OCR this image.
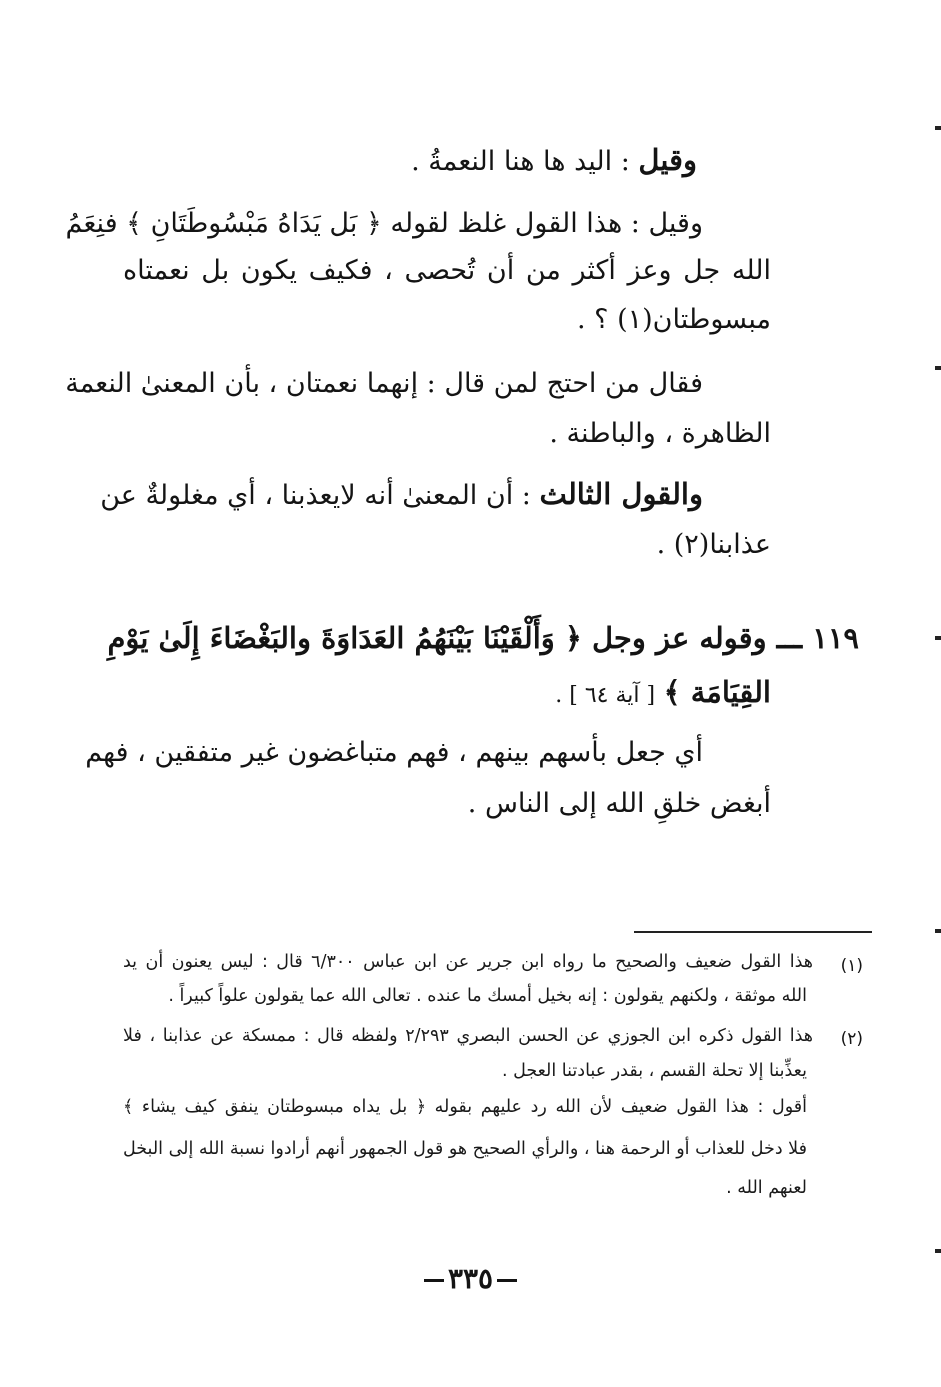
وقيل : اليد ها هنا النعمةُ .
وقيل : هذا القول غلظ لقوله ﴿ بَل يَدَاهُ مَبْسُوطَتَانِ ﴾ فنِعَمُ
الله جل وعز أكثر من أن تُحصى ، فكيف يكون بل نعمتاه
مبسوطتان(١) ؟ .
فقال من احتج لمن قال : إنهما نعمتان ، بأن المعنىٰ النعمة
الظاهرة ، والباطنة .
والقول الثالث : أن المعنىٰ أنه لايعذبنا ، أي مغلولةٌ عن
عذابنا(٢) .
١١٩ ـــ وقوله عز وجل ﴿ وَأَلْقَيْنَا بَيْنَهُمُ العَدَاوَةَ والبَغْضَاءَ إِلَىٰ يَوْمِ
القِيَامَة ﴾ [ آية ٦٤ ] .
أي جعل بأسهم بينهم ، فهم متباغضون غير متفقين ، فهم
أبغض خلقِ الله إلى الناس .
(١)
هذا القول ضعيف والصحيح ما رواه ابن جرير عن ابن عباس ٦/٣٠٠ قال : ليس يعنون أن يد
الله موثقة ، ولكنهم يقولون : إنه بخيل أمسك ما عنده . تعالى الله عما يقولون علواً كبيراً .
(٢)
هذا القول ذكره ابن الجوزي عن الحسن البصري ٢/٢٩٣ ولفظه قال : ممسكة عن عذابنا ، فلا
يعذِّبنا إلا تحلة القسم ، بقدر عبادتنا العجل .
أقول : هذا القول ضعيف لأن الله رد عليهم بقوله ﴿ بل يداه مبسوطتان ينفق كيف يشاء ﴾
فلا دخل للعذاب أو الرحمة هنا ، والرأي الصحيح هو قول الجمهور أنهم أرادوا نسبة الله إلى البخل
لعنهم الله .
٣٣٥
